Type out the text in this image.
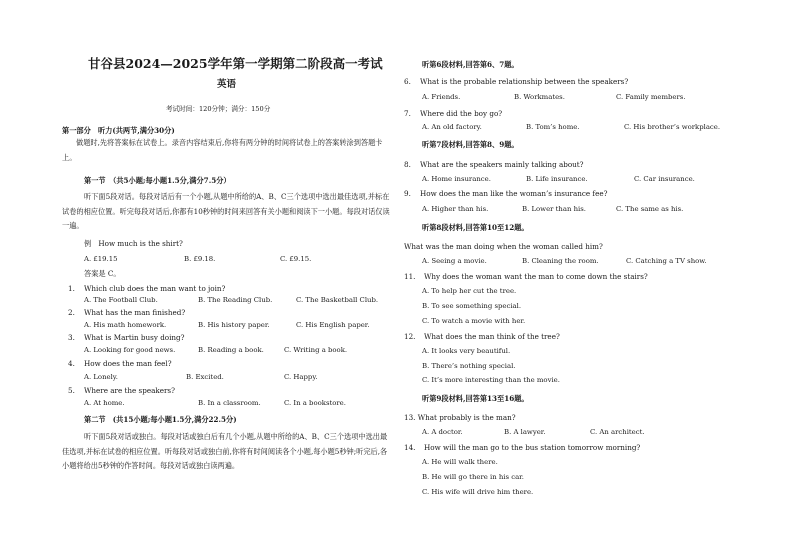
甘谷县2024—2025学年第一学期第二阶段高一考试
英语
考试时间：120分钟；满分：150分
第一部分　听力(共两节,满分30分)
做题时,先将答案标在试卷上。录音内容结束后,你将有两分钟的时间将试卷上的答案转涂到答题卡上。
第一节　（共5小题;每小题1.5分,满分7.5分）
听下面5段对话。每段对话后有一个小题,从题中所给的A、B、C三个选项中选出最佳选项,并标在试卷的相应位置。听完每段对话后,你都有10秒钟的时间来回答有关小题和阅读下一小题。每段对话仅读一遍。
例　How much is the shirt?
A. £19.15	B. £9.18.	C. £9.15.
答案是 C。
1. Which club does the man want to join?
A. The Football Club.	B. The Reading Club.	C. The Basketball Club.
2. What has the man finished?
A. His math homework.	B. His history paper.	C. His English paper.
3. What is Martin busy doing?
A. Looking for good news.	B. Reading a book.	C. Writing a book.
4. How does the man feel?
A. Lonely.	B. Excited.	C. Happy.
5. Where are the speakers?
A. At home.	B. In a classroom.	C. In a bookstore.
第二节　(共15小题;每小题1.5分,满分22.5分)
听下面5段对话或独白。每段对话或独白后有几个小题,从题中所给的A、B、C三个选项中选出最佳选项,并标在试卷的相应位置。听每段对话或独白前,你将有时间阅读各个小题,每小题5秒钟;听完后,各小题将给出5秒钟的作答时间。每段对话或独白读两遍。
听第6段材料,回答第6、7题。
6. What is the probable relationship between the speakers?
A. Friends.	B. Workmates.	C. Family members.
7. Where did the boy go?
A. An old factory.	B. Tom’s home.	C. His brother’s workplace.
听第7段材料,回答第8、9题。
8. What are the speakers mainly talking about?
A. Home insurance.	B. Life insurance.	C. Car insurance.
9. How does the man like the woman’s insurance fee?
A. Higher than his.	B. Lower than his.	C. The same as his.
听第8段材料,回答第10至12题。
What was the man doing when the woman called him?
A. Seeing a movie.	B. Cleaning the room.	C. Catching a TV show.
11. Why does the woman want the man to come down the stairs?
A. To help her cut the tree.
B. To see something special.
C. To watch a movie with her.
12. What does the man think of the tree?
A. It looks very beautiful.
B. There’s nothing special.
C. It’s more interesting than the movie.
听第9段材料,回答第13至16题。
13. What probably is the man?
A. A doctor.	B. A lawyer.	C. An architect.
14. How will the man go to the bus station tomorrow morning?
A. He will walk there.
B. He will go there in his car.
C. His wife will drive him there.
